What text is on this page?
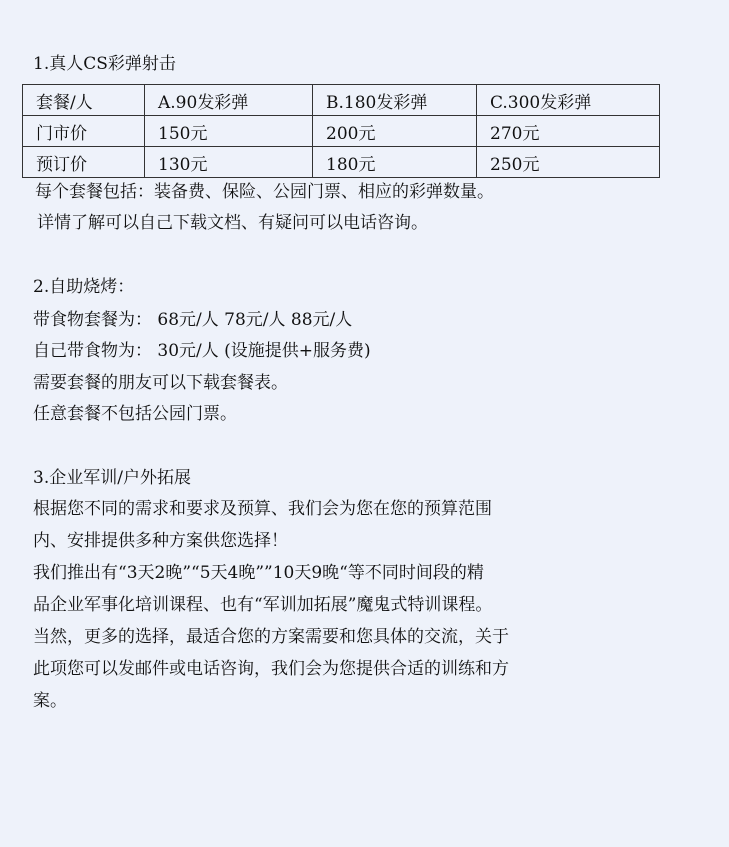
1.真人CS彩弹射击
套餐/人	A.90发彩弹	B.180发彩弹	C.300发彩弹
门市价	150元	200元	270元
预订价	130元	180元	250元
每个套餐包括：装备费、保险、公园门票、相应的彩弹数量。
详情了解可以自己下载文档、有疑问可以电话咨询。
2.自助烧烤：
带食物套餐为： 68元/人 78元/人 88元/人
自己带食物为： 30元/人 (设施提供+服务费)
需要套餐的朋友可以下载套餐表。
任意套餐不包括公园门票。
3.企业军训/户外拓展
根据您不同的需求和要求及预算、我们会为您在您的预算范围
内、安排提供多种方案供您选择！
我们推出有“3天2晚”“5天4晚””10天9晚“等不同时间段的精
品企业军事化培训课程、也有“军训加拓展”魔鬼式特训课程。
当然，更多的选择，最适合您的方案需要和您具体的交流，关于
此项您可以发邮件或电话咨询，我们会为您提供合适的训练和方
案。
